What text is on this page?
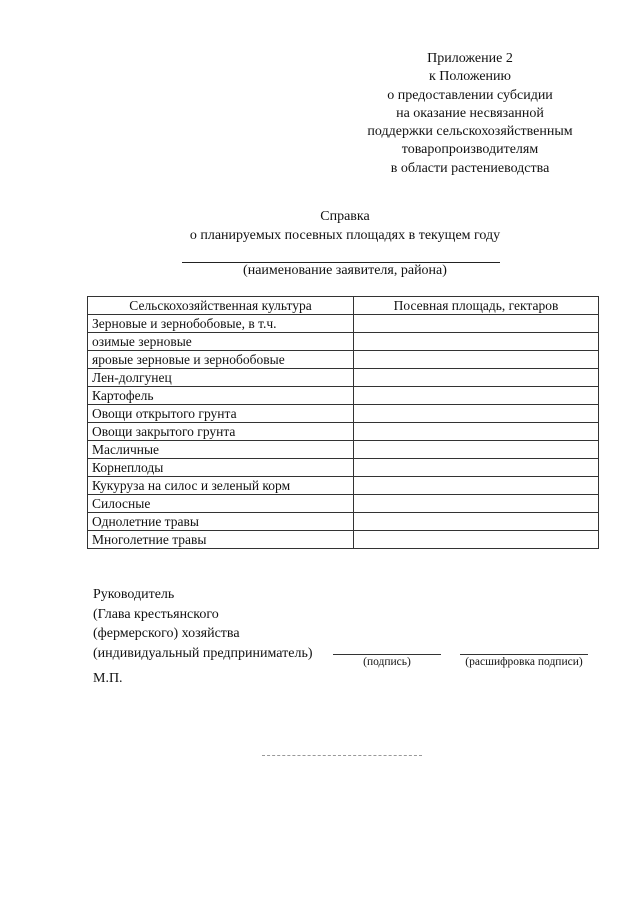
Приложение 2
к Положению
о предоставлении субсидии
на оказание несвязанной
поддержки сельскохозяйственным
товаропроизводителям
в области растениеводства
Справка
о планируемых посевных площадях в текущем году
(наименование заявителя, района)
Сельскохозяйственная культура	Посевная площадь, гектаров
Зерновые и зернобобовые, в т.ч.	
озимые зерновые	
яровые зерновые и зернобобовые	
Лен-долгунец	
Картофель	
Овощи открытого грунта	
Овощи закрытого грунта	
Масличные	
Корнеплоды	
Кукуруза на силос и зеленый корм	
Силосные	
Однолетние травы	
Многолетние травы	
Руководитель
(Глава крестьянского
(фермерского) хозяйства
(индивидуальный предприниматель)
(подпись)	(расшифровка подписи)
М.П.
